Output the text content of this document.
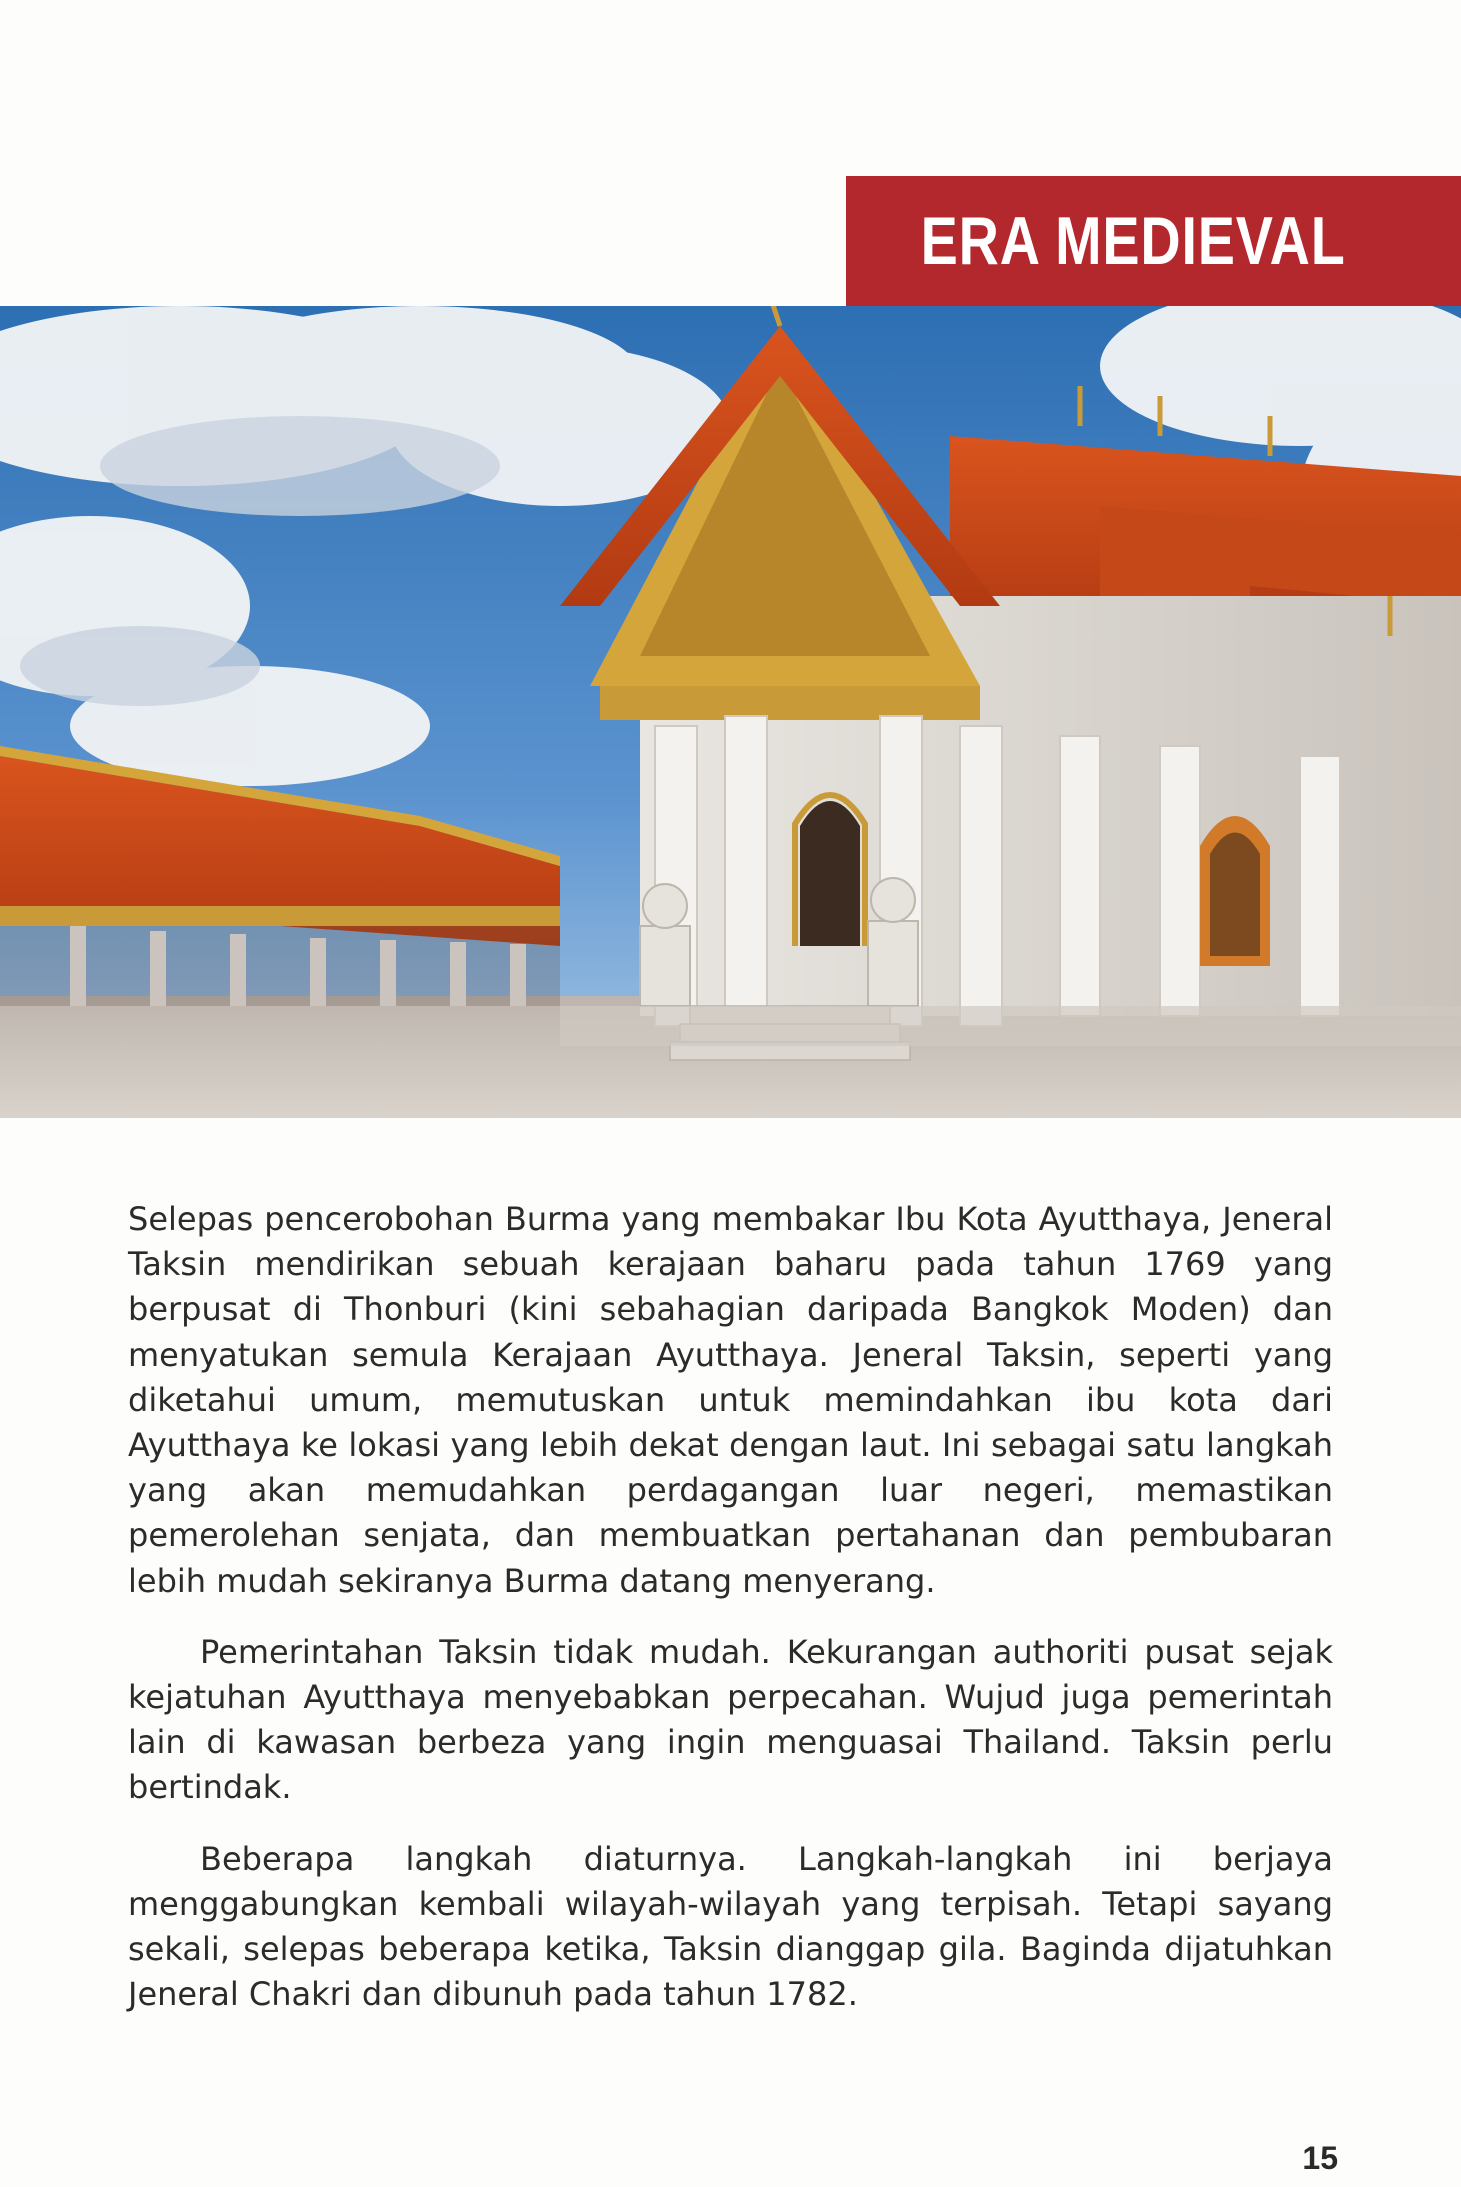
ERA MEDIEVAL

Selepas pencerobohan Burma yang membakar Ibu Kota Ayutthaya, Jeneral Taksin mendirikan sebuah kerajaan baharu pada tahun 1769 yang berpusat di Thonburi (kini sebahagian daripada Bangkok Moden) dan menyatukan semula Kerajaan Ayutthaya. Jeneral Taksin, seperti yang diketahui umum, memutuskan untuk memindahkan ibu kota dari Ayutthaya ke lokasi yang lebih dekat dengan laut. Ini sebagai satu langkah yang akan memudahkan perdagangan luar negeri, memastikan pemerolehan senjata, dan membuatkan pertahanan dan pembubaran lebih mudah sekiranya Burma datang menyerang.

Pemerintahan Taksin tidak mudah. Kekurangan authoriti pusat sejak kejatuhan Ayutthaya menyebabkan perpecahan. Wujud juga pemerintah lain di kawasan berbeza yang ingin menguasai Thailand. Taksin perlu bertindak.

Beberapa langkah diaturnya. Langkah-langkah ini berjaya menggabungkan kembali wilayah-wilayah yang terpisah. Tetapi sayang sekali, selepas beberapa ketika, Taksin dianggap gila. Baginda dijatuhkan Jeneral Chakri dan dibunuh pada tahun 1782.

15
